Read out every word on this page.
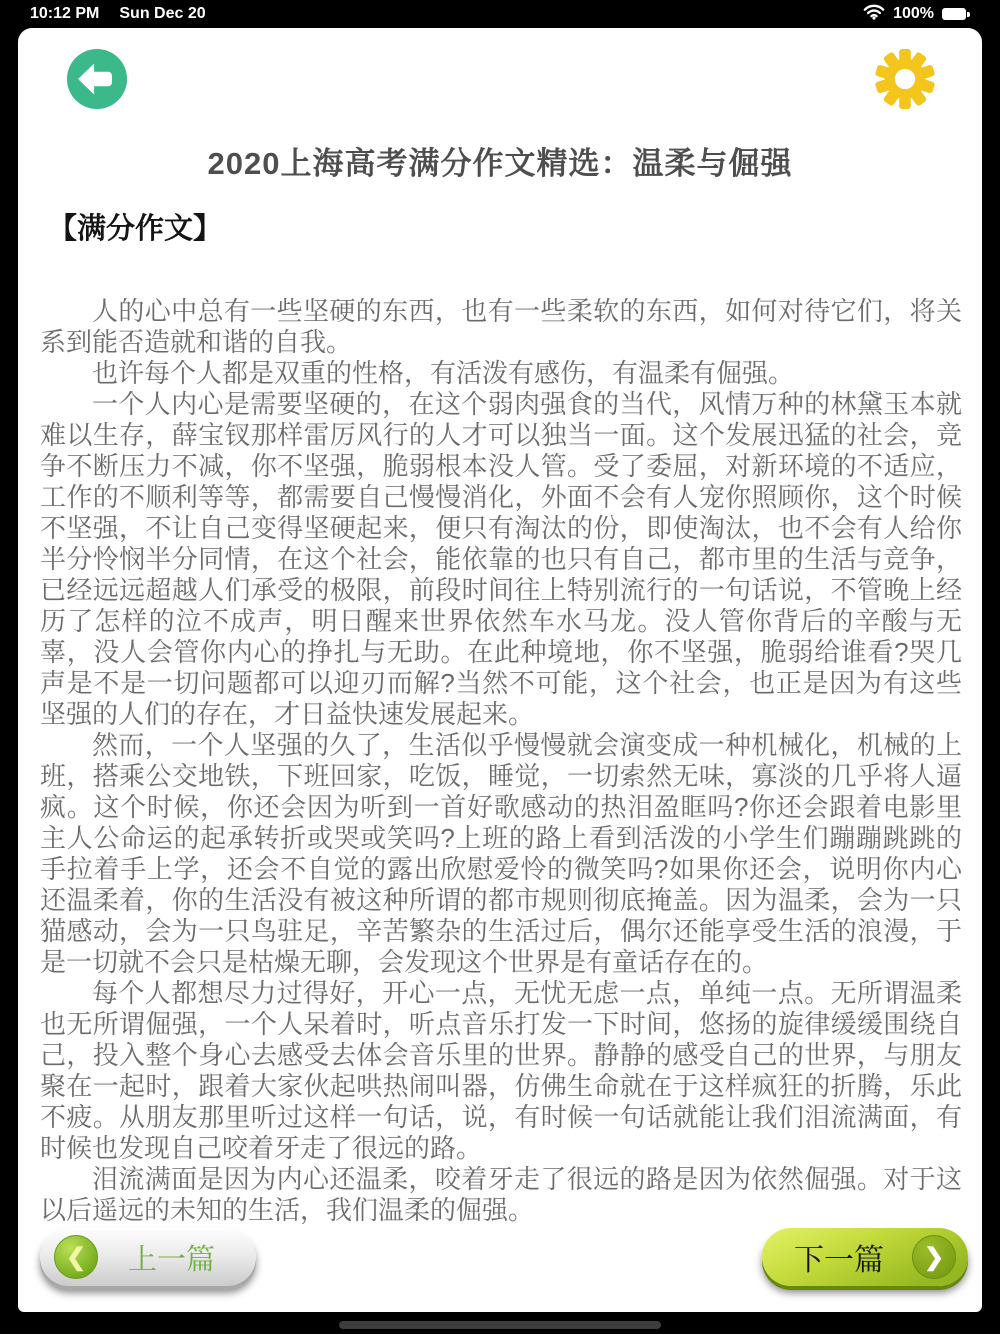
10:12 PM Sun Dec 20	100%
2020上海高考满分作文精选：温柔与倔强
【满分作文】

人的心中总有一些坚硬的东西，也有一些柔软的东西，如何对待它们，将关系到能否造就和谐的自我。

也许每个人都是双重的性格，有活泼有感伤，有温柔有倔强。

一个人内心是需要坚硬的，在这个弱肉强食的当代，风情万种的林黛玉本就难以生存，薛宝钗那样雷厉风行的人才可以独当一面。这个发展迅猛的社会，竞争不断压力不减，你不坚强，脆弱根本没人管。受了委屈，对新环境的不适应，工作的不顺利等等，都需要自己慢慢消化，外面不会有人宠你照顾你，这个时候不坚强，不让自己变得坚硬起来，便只有淘汰的份，即使淘汰，也不会有人给你半分怜悯半分同情，在这个社会，能依靠的也只有自己，都市里的生活与竞争，已经远远超越人们承受的极限，前段时间往上特别流行的一句话说，不管晚上经历了怎样的泣不成声，明日醒来世界依然车水马龙。没人管你背后的辛酸与无辜，没人会管你内心的挣扎与无助。在此种境地，你不坚强，脆弱给谁看?哭几声是不是一切问题都可以迎刃而解?当然不可能，这个社会，也正是因为有这些坚强的人们的存在，才日益快速发展起来。

然而，一个人坚强的久了，生活似乎慢慢就会演变成一种机械化，机械的上班，搭乘公交地铁，下班回家，吃饭，睡觉，一切索然无味，寡淡的几乎将人逼疯。这个时候，你还会因为听到一首好歌感动的热泪盈眶吗?你还会跟着电影里主人公命运的起承转折或哭或笑吗?上班的路上看到活泼的小学生们蹦蹦跳跳的手拉着手上学，还会不自觉的露出欣慰爱怜的微笑吗?如果你还会，说明你内心还温柔着，你的生活没有被这种所谓的都市规则彻底掩盖。因为温柔，会为一只猫感动，会为一只鸟驻足，辛苦繁杂的生活过后，偶尔还能享受生活的浪漫，于是一切就不会只是枯燥无聊，会发现这个世界是有童话存在的。

每个人都想尽力过得好，开心一点，无忧无虑一点，单纯一点。无所谓温柔也无所谓倔强，一个人呆着时，听点音乐打发一下时间，悠扬的旋律缓缓围绕自己，投入整个身心去感受去体会音乐里的世界。静静的感受自己的世界，与朋友聚在一起时，跟着大家伙起哄热闹叫器，仿佛生命就在于这样疯狂的折腾，乐此不疲。从朋友那里听过这样一句话，说，有时候一句话就能让我们泪流满面，有时候也发现自己咬着牙走了很远的路。

泪流满面是因为内心还温柔，咬着牙走了很远的路是因为依然倔强。对于这以后遥远的未知的生活，我们温柔的倔强。

❮	上一篇	下一篇	❯
